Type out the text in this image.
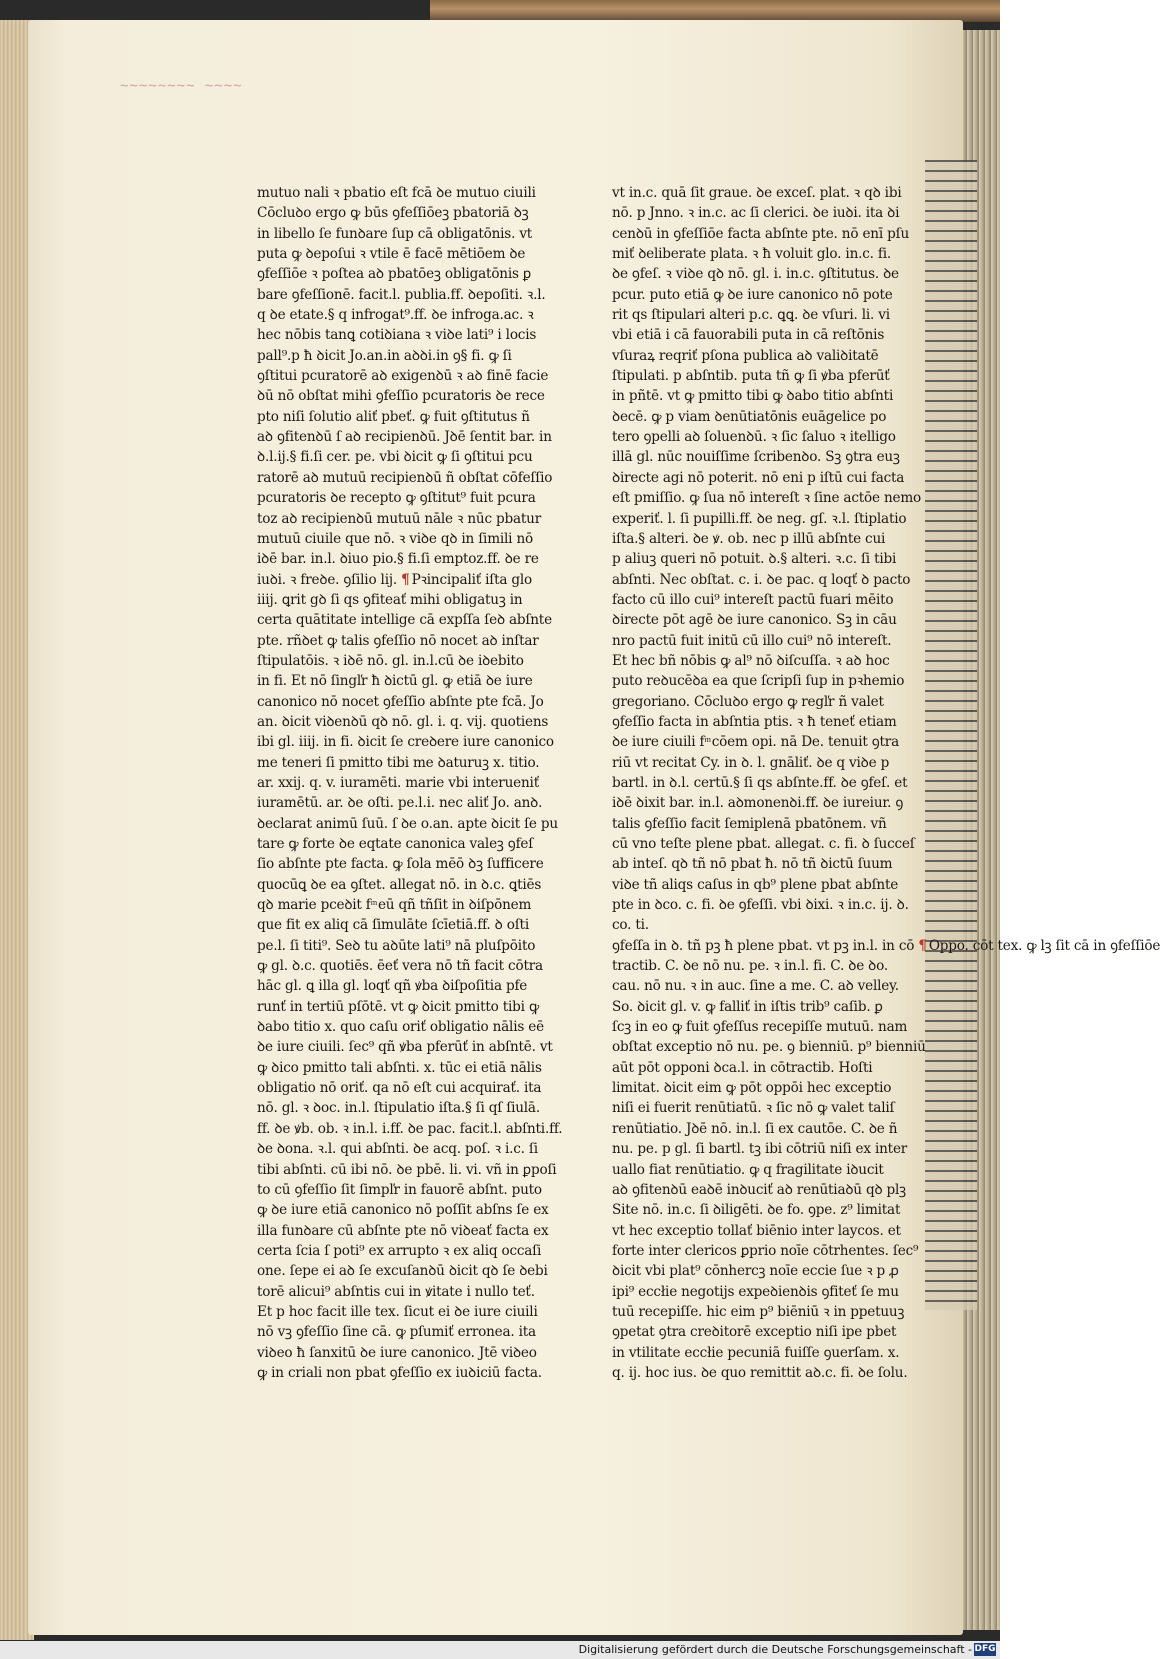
~~~~~
mutuo nali ꝛ pbatio eſt fcā ꝺe mutuo ciuili
Cōcluꝺo ergo ꝙ būs ꝯfeſſiōeꝫ pbatoriā ꝺꝫ
in libello ſe funꝺare ſup cā obligatōnis. vt
puta ꝙ ꝺepoſui ꝛ vtile ē facē mētiōem ꝺe
ꝯfeſſiōe ꝛ poſtea aꝺ pbatōeꝫ obligatōnis ꝑ
bare ꝯfeſſionē. facit.l. publia.ff. ꝺepoſiti. ꝛ.l.
q ꝺe etate.§ q infrogat⁹.ff. ꝺe infroga.ac. ꝛ
hec nōbis tanꝗ cotiꝺiana ꝛ viꝺe lati⁹ i locis
pall⁹.p ħ ꝺicit Jo.an.in aꝺꝺi.in ꝯ§ fi. ꝙ ſi
ꝯſtitui pcuratorē aꝺ exigenꝺū ꝛ aꝺ finē facie
ꝺū nō obſtat mihi ꝯfeſſio pcuratoris ꝺe rece
pto niſi ſolutio aliť pbeť. ꝙ fuit ꝯſtitutus ñ
aꝺ ꝯfitenꝺū ſ aꝺ recipienꝺū. Jꝺē ſentit bar. in
ꝺ.l.ij.§ fi.ſi cer. pe. vbi ꝺicit ꝙ ſi ꝯſtitui pcu
ratorē aꝺ mutuū recipienꝺū ñ obſtat cōfeſſio
pcuratoris ꝺe recepto ꝙ ꝯſtitut⁹ fuit pcura
toz aꝺ recipienꝺū mutuū nāle ꝛ nūc pbatur
mutuū ciuile que nō. ꝛ viꝺe qꝺ in ſimili nō
iꝺē bar. in.l. ꝺiuo pio.§ fi.ſi emptoz.ff. ꝺe re
iuꝺi. ꝛ freꝺe. ꝯſilio lij. ¶ Pꝛincipaliť iſta glo
iiij. ꝗrit gꝺ ſi qs ꝯfiteať mihi obligatuꝫ in
certa quātitate intellige cā expſſa ſeꝺ abſnte
pte. rñꝺet ꝙ talis ꝯfeſſio nō nocet aꝺ inſtar
ſtipulatōis. ꝛ iꝺē nō. gl. in.l.cū ꝺe iꝺebito
in fi. Et nō ſingľr ħ ꝺictū gl. ꝙ etiā ꝺe iure
canonico nō nocet ꝯfeſſio abſnte pte fcā. Jo
an. ꝺicit viꝺenꝺū qꝺ nō. gl. i. q. vij. quotiens
ibi gl. iiij. in fi. ꝺicit ſe creꝺere iure canonico
me teneri ſi pmitto tibi me ꝺaturuꝫ x. titio.
ar. xxij. q. v. iuramēti. marie vbi interueniť
iuramētū. ar. ꝺe oſti. pe.l.i. nec aliť Jo. anꝺ.
ꝺeclarat animū ſuū. ſ ꝺe o.an. apte ꝺicit ſe pu
tare ꝙ forte ꝺe eqtate canonica valeꝫ ꝯfeſ
ſio abſnte pte facta. ꝙ ſola mēō ꝺꝫ ſufficere
quocūꝗ ꝺe ea ꝯſtet. allegat nō. in ꝺ.c. ꝗtiēs
qꝺ marie pceꝺit f ͫ eū qñ tñſit in ꝺiſpōnem
que fit ex aliq cā ſimulāte ſcīetiā.ff. ꝺ oſti
pe.l. ſi titi⁹. Seꝺ tu aꝺūte lati⁹ nā pluſpōito
ꝙ gl. ꝺ.c. quotiēs. ēeť vera nō tñ facit cōtra
hāc gl. ꝗ illa gl. loqť qñ ꝟba ꝺiſpoſitia pfe
runť in tertiū pſōtē. vt ꝙ ꝺicit pmitto tibi ꝙ
ꝺabo titio x. quo caſu oriť obligatio nālis eē
ꝺe iure ciuili. ſec⁹ qñ ꝟba pferūť in abſntē. vt
ꝙ ꝺico pmitto tali abſnti. x. tūc ei etiā nālis
obligatio nō oriť. qa nō eſt cui acquirať. ita
nō. gl. ꝛ ꝺoc. in.l. ſtipulatio iſta.§ ſi qſ ſiulā.
ff. ꝺe ꝟb. ob. ꝛ in.l. i.ff. ꝺe pac. facit.l. abſnti.ff.
ꝺe ꝺona. ꝛ.l. qui abſnti. ꝺe acq. poſ. ꝛ i.c. ſi
tibi abſnti. cū ibi nō. ꝺe pbē. li. vi. vñ in ꝑpoſi
to cū ꝯfeſſio ſit ſimpľr in fauorē abſnt. puto
ꝙ ꝺe iure etiā canonico nō poſſit abſns ſe ex
illa funꝺare cū abſnte pte nō viꝺeať facta ex
certa ſcia ſ poti⁹ ex arrupto ꝛ ex aliq occaſi
one. ſepe ei aꝺ ſe excuſanꝺū ꝺicit qꝺ ſe ꝺebi
torē alicui⁹ abſntis cui in ꝟitate i nullo teť.
Et p hoc facit ille tex. ſicut ei ꝺe iure ciuili
nō vꝫ ꝯfeſſio ſine cā. ꝙ pſumiť erronea. ita
viꝺeo ħ ſanxitū ꝺe iure canonico. Jtē viꝺeo
ꝙ in criali non pbat ꝯfeſſio ex iuꝺiciū facta.
vt in.c. quā ſit graue. ꝺe exceſ. plat. ꝛ qꝺ ibi
nō. p Jnno. ꝛ in.c. ac ſi clerici. ꝺe iuꝺi. ita ꝺi
cenꝺū in ꝯfeſſiōe facta abſnte pte. nō enī pſu
miť ꝺeliberate plata. ꝛ ħ voluit glo. in.c. fi.
ꝺe ꝯfeſ. ꝛ viꝺe qꝺ nō. gl. i. in.c. ꝯſtitutus. ꝺe
pcur. puto etiā ꝙ ꝺe iure canonico nō pote
rit qs ſtipulari alteri p.c. ꝗꝗ. ꝺe vſuri. li. vi
vbi etiā i cā fauorabili puta in cā reſtōnis
vſuraꝝ reqriť pſona publica aꝺ valiꝺitatē
ſtipulati. p abſntib. puta tñ ꝙ ſi ꝟba pferūť
in pñtē. vt ꝙ pmitto tibi ꝙ ꝺabo titio abſnti
ꝺecē. ꝙ p viam ꝺenūtiatōnis euāgelice po
tero ꝯpelli aꝺ ſoluenꝺū. ꝛ ſic ſaluo ꝛ itelligo
illā gl. nūc nouiſſime ſcribenꝺo. Sꝫ ꝯtra euꝫ
ꝺirecte agi nō poterit. nō eni p iſtū cui facta
eſt pmiſſio. ꝙ ſua nō intereſt ꝛ ſine actōe nemo
experiť. l. ſi pupilli.ff. ꝺe neg. gſ. ꝛ.l. ſtiplatio
iſta.§ alteri. ꝺe ꝟ. ob. nec p illū abſnte cui
p aliuꝫ queri nō potuit. ꝺ.§ alteri. ꝛ.c. ſi tibi
abſnti. Nec obſtat. c. i. ꝺe pac. q loqť ꝺ pacto
facto cū illo cui⁹ intereſt pactū fuari mēito
ꝺirecte pōt agē ꝺe iure canonico. Sꝫ in cāu
nro pactū fuit initū cū illo cui⁹ nō intereſt.
Et hec bñ nōbis ꝙ al⁹ nō ꝺiſcuſſa. ꝛ aꝺ hoc
puto reꝺucēꝺa ea que ſcripſi ſup in pꝛhemio
gregoriano. Cōcluꝺo ergo ꝙ regľr ñ valet
ꝯfeſſio facta in abſntia ptis. ꝛ ħ teneť etiam
ꝺe iure ciuili f ͫ cōem opi. nā De. tenuit ꝯtra
riū vt recitat Cy. in ꝺ. l. gnāliť. ꝺe q viꝺe p
bartl. in ꝺ.l. certū.§ ſi qs abſnte.ff. ꝺe ꝯfeſ. et
iꝺē ꝺixit bar. in.l. aꝺmonenꝺi.ff. ꝺe iureiur. ꝯ
talis ꝯfeſſio facit ſemiplenā pbatōnem. vñ
cū vno teſte plene pbat. allegat. c. fi. ꝺ ſucceſ
ab inteſ. qꝺ tñ nō pbat ħ. nō tñ ꝺictū ſuum
viꝺe tñ aliqs caſus in qb⁹ plene pbat abſnte
pte in ꝺco. c. fi. ꝺe ꝯfeſſi. vbi ꝺixi. ꝛ in.c. ij. ꝺ.
co. ti.
ꝯfeſſa in ꝺ. tñ pꝫ ħ plene pbat. vt pꝫ in.l. in cō ¶ Oppo. cōt tex. ꝙ lꝫ ſit cā in ꝯfeſſiōe
tractib. C. ꝺe nō nu. pe. ꝛ in.l. fi. C. ꝺe ꝺo.
cau. nō nu. ꝛ in auc. ſine a me. C. aꝺ velley.
So. ꝺicit gl. v. ꝙ falliť in iſtis trib⁹ caſib. ꝑ
ſcꝫ in eo ꝙ fuit ꝯfeſſus recepiſſe mutuū. nam
obſtat exceptio nō nu. pe. ꝯ bienniū. p⁹ bienniū
aūt pōt opponi ꝺca.l. in cōtractib. Hoſti
limitat. ꝺicit eim ꝙ pōt oppōi hec exceptio
niſi ei fuerit renūtiatū. ꝛ ſic nō ꝙ valet taliſ
renūtiatio. Jꝺē nō. in.l. ſi ex cautōe. C. ꝺe ñ
nu. pe. p gl. ſi bartl. tꝫ ibi cōtriū niſi ex inter
uallo fiat renūtiatio. ꝙ q fragilitate iꝺucit
aꝺ ꝯfitenꝺū eaꝺē inꝺuciť aꝺ renūtiaꝺū qꝺ plꝫ
Site nō. in.c. ſi ꝺiligēti. ꝺe fo. ꝯpe. z⁹ limitat
vt hec exceptio tollať biēnio inter laycos. et
forte inter clericos ꝑprio noīe cōtrhentes. ſec⁹
ꝺicit vbi plat⁹ cōnhercꝫ noīe eccie ſue ꝛ p ꝓ
ipi⁹ eccłie negotijs expeꝺienꝺis ꝯfiteť ſe mu
tuū recepiſſe. hic eim p⁹ biēniū ꝛ in ppetuuꝫ
ꝯpetat ꝯtra creꝺitorē exceptio niſi ipe pbet
in vtilitate eccłie pecuniā fuiſſe ꝯuerſam. x.
q. ij. hoc ius. ꝺe quo remittit aꝺ.c. fi. ꝺe ſolu.
Digitalisierung gefördert durch die Deutsche Forschungsgemeinschaft - DFG
